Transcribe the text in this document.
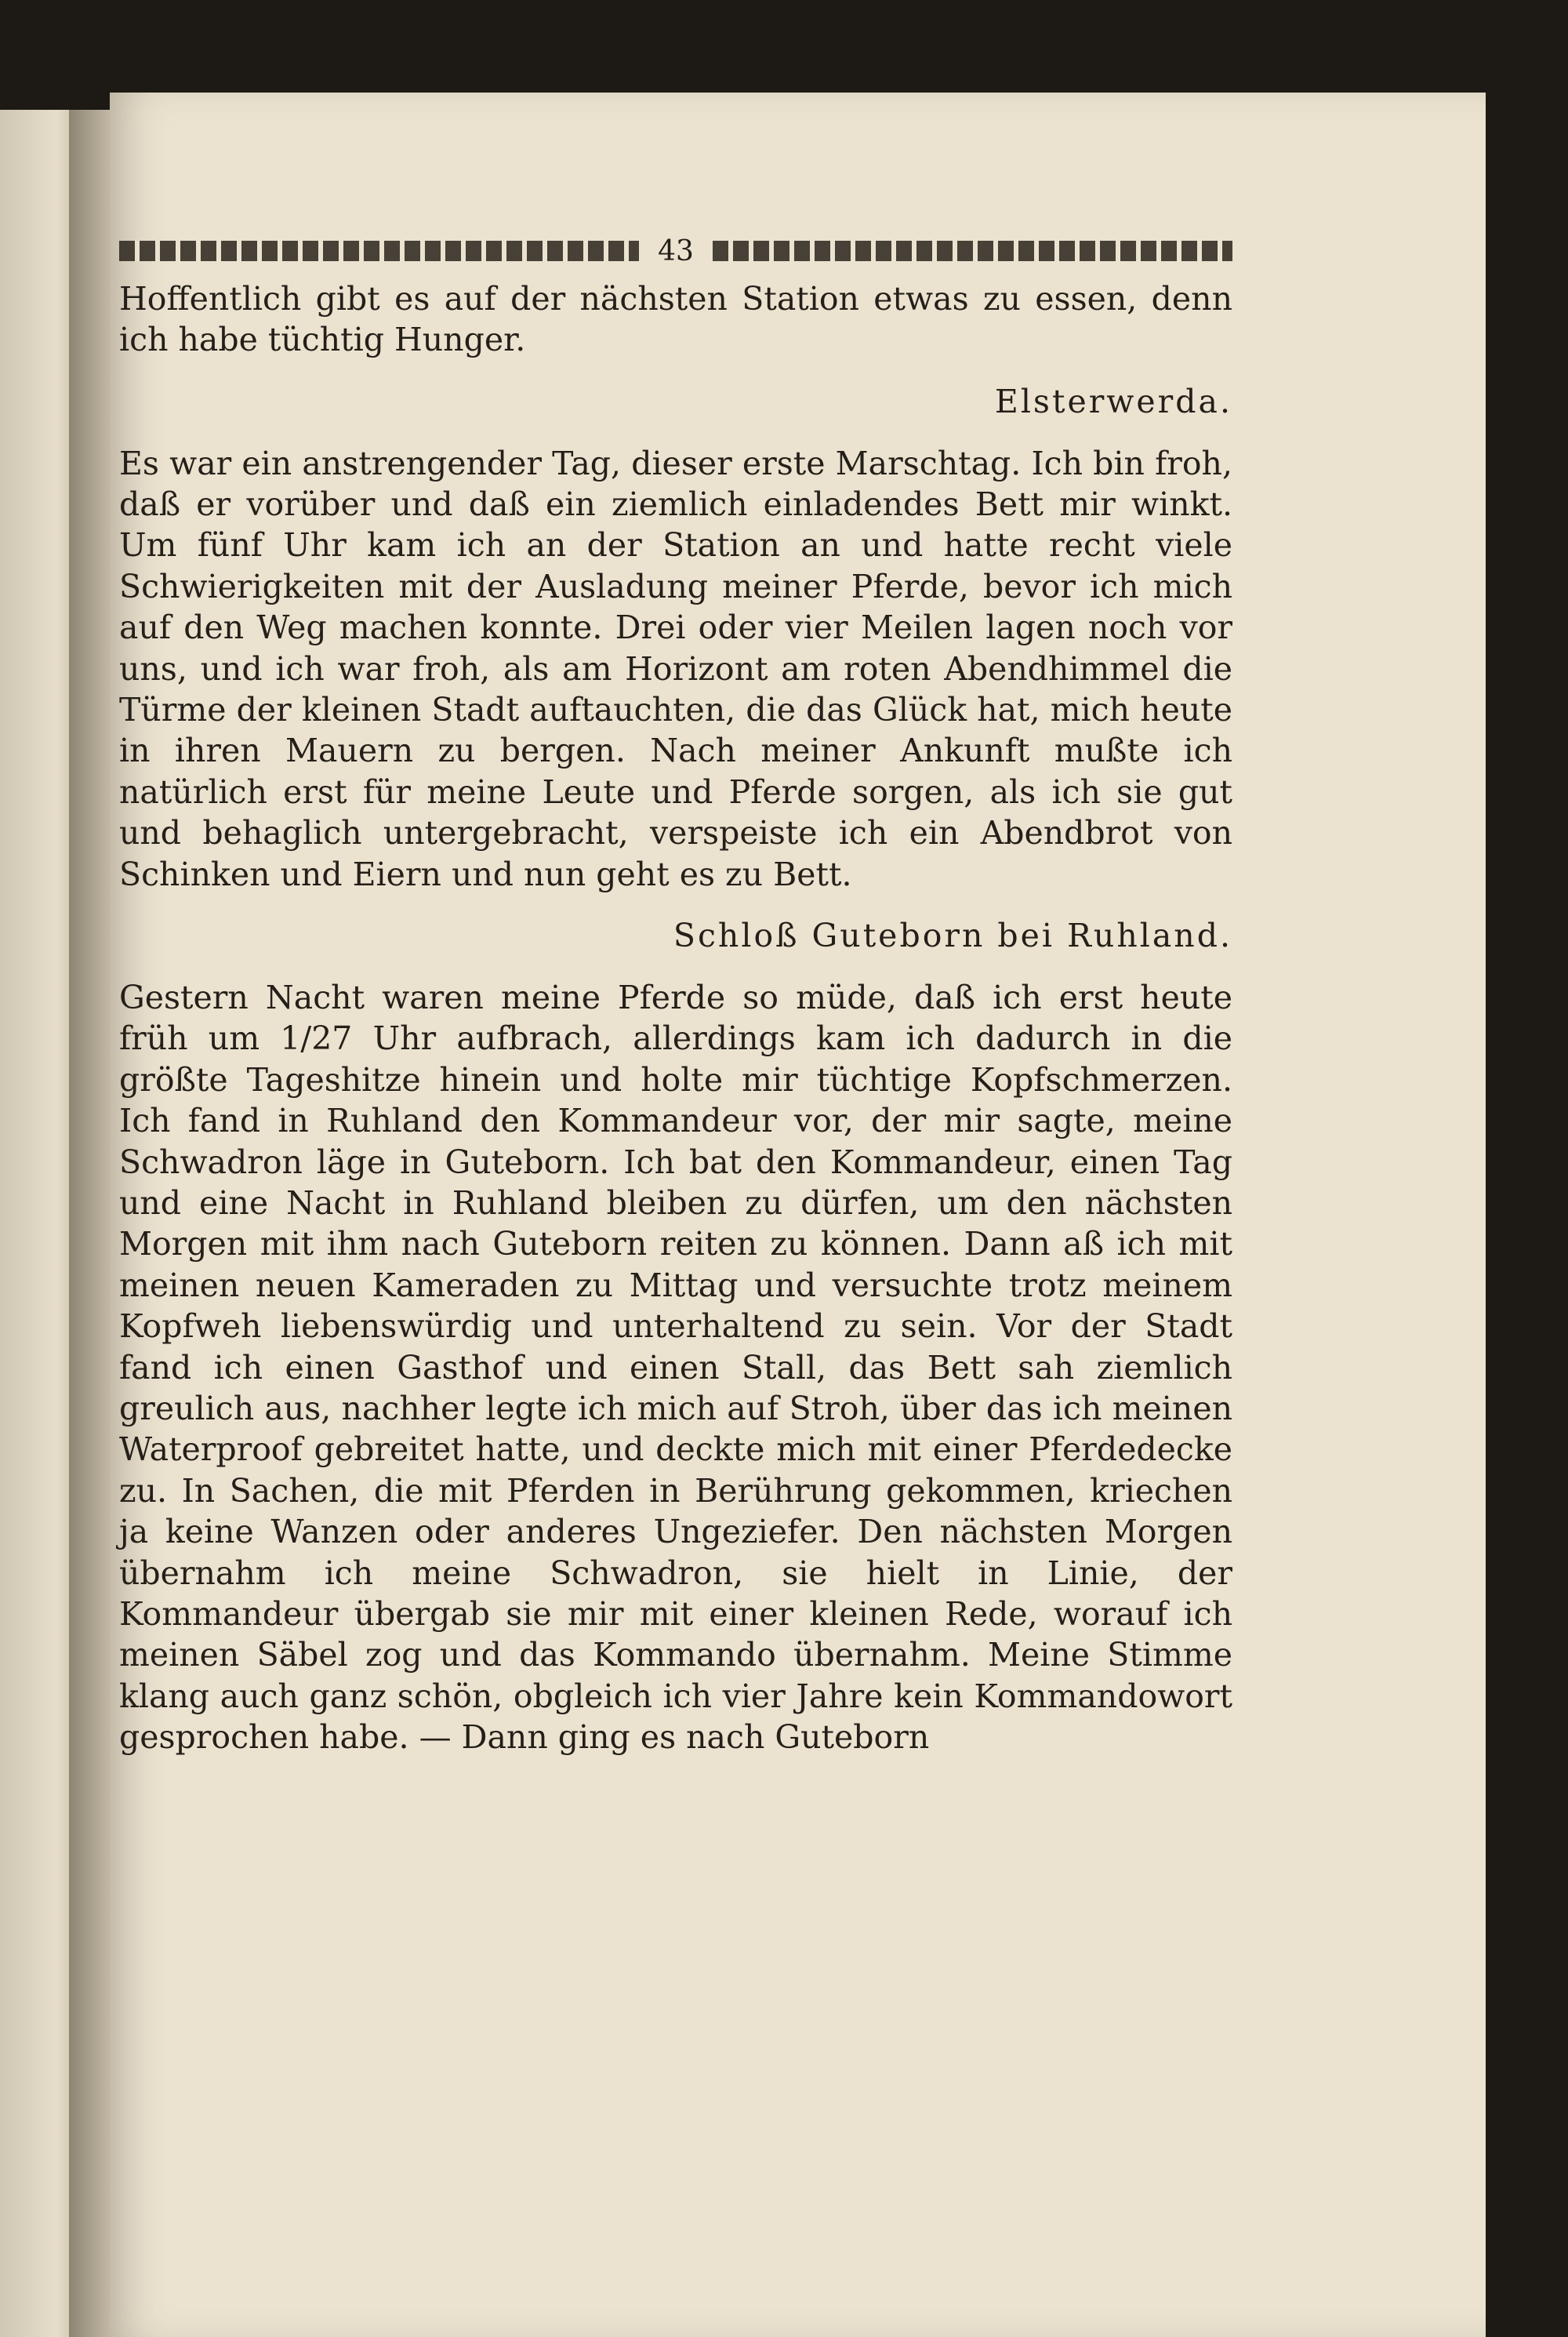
43

Hoffentlich gibt es auf der nächsten Station etwas zu essen, denn ich habe tüchtig Hunger.

Elsterwerda.

Es war ein anstrengender Tag, dieser erste Marschtag. Ich bin froh, daß er vorüber und daß ein ziemlich einladendes Bett mir winkt. Um fünf Uhr kam ich an der Station an und hatte recht viele Schwierigkeiten mit der Ausladung meiner Pferde, bevor ich mich auf den Weg machen konnte. Drei oder vier Meilen lagen noch vor uns, und ich war froh, als am Horizont am roten Abendhimmel die Türme der kleinen Stadt auftauchten, die das Glück hat, mich heute in ihren Mauern zu bergen. Nach meiner Ankunft mußte ich natürlich erst für meine Leute und Pferde sorgen, als ich sie gut und behaglich untergebracht, verspeiste ich ein Abendbrot von Schinken und Eiern und nun geht es zu Bett.

Schloß Guteborn bei Ruhland.

Gestern Nacht waren meine Pferde so müde, daß ich erst heute früh um 1/27 Uhr aufbrach, allerdings kam ich dadurch in die größte Tageshitze hinein und holte mir tüchtige Kopfschmerzen. Ich fand in Ruhland den Kommandeur vor, der mir sagte, meine Schwadron läge in Guteborn. Ich bat den Kommandeur, einen Tag und eine Nacht in Ruhland bleiben zu dürfen, um den nächsten Morgen mit ihm nach Guteborn reiten zu können. Dann aß ich mit meinen neuen Kameraden zu Mittag und versuchte trotz meinem Kopfweh liebenswürdig und unterhaltend zu sein. Vor der Stadt fand ich einen Gasthof und einen Stall, das Bett sah ziemlich greulich aus, nachher legte ich mich auf Stroh, über das ich meinen Waterproof gebreitet hatte, und deckte mich mit einer Pferdedecke zu. In Sachen, die mit Pferden in Berührung gekommen, kriechen ja keine Wanzen oder anderes Ungeziefer. Den nächsten Morgen übernahm ich meine Schwadron, sie hielt in Linie, der Kommandeur übergab sie mir mit einer kleinen Rede, worauf ich meinen Säbel zog und das Kommando übernahm. Meine Stimme klang auch ganz schön, obgleich ich vier Jahre kein Kommandowort gesprochen habe. — Dann ging es nach Guteborn
